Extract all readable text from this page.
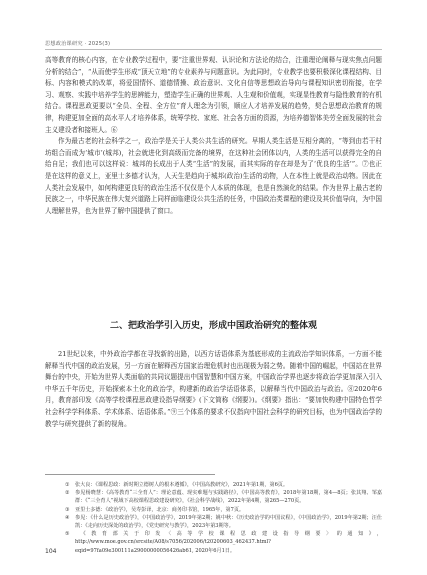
思想政治课研究 · 2025(3)

高等教育的核心内容，在专业教学过程中，要“注重世界观、认识论和方法论的结合，注重理论阐释与现实焦点问题分析的结合”，“从而使学生形成“顶天立地”的专业素养与问题意识。为此同时，专业教学也要积极深化课程结构、目标、内容和模式的改革，将爱国情怀、道德情操、政治意识、文化自信等思想政治导向与课程知识密切衔接，在学习、观察、实践中培养学生的思辨能力，塑造学生正确的世界观、人生观和价值观，实现显性教育与隐性教育的有机结合。课程思政更要以“全员、全程、全方位”育人理念为引领，顺应人才培养发展的趋势，契合思想政治教育的规律，构建更加全面的高水平人才培养体系，统筹学校、家庭、社会各方面的资源，为培养德智体美劳全面发展的社会主义建设者和接班人。⑥

作为最古老的社会科学之一，政治学是关于人类公共生活的研究。早期人类生活是互相分离的，“等到由若干村坊组合而成为‘城市’(城邦)，社会就进化到高级而完备的境界，在这种社会团体以内，人类的生活可以获得完全的自给自足；我们也可以这样说：城邦的长成出于人类“生活”的发展，而其实际的存在却是为了‘优良的生活’”。⑦也正是在这样的意义上，亚里士多德才认为，人天生是趋向于城邦(政治)生活的动物，人在本性上就是政治动物。因此在人类社会发展中，如何构建更良好的政治生活不仅仅是个人本质的体现，也是自然演化的结果。作为世界上最古老的民族之一，中华民族在伟大复兴道路上同样面临建设公共生活的任务，中国政治类课程的建设及其价值导向，为中国人理解世界，也为世界了解中国提供了窗口。

二、把政治学引入历史，形成中国政治研究的整体观

21世纪以来，中外政治学都在寻找新的出路，以西方话语体系为基底形成的主流政治学知识体系，一方面不能解释当代中国的政治发展，另一方面在解释西方国家治理危机时也出现极为弱之势。随着中国的崛起，中国站在世界舞台的中央，开始为世界人类面临的共同议题提出中国智慧和中国方案，中国政治学界也逐步将政治学更加深入引入中华五千年历史，开始探索本土化的政治学，构建新的政治学话语体系，以解释当代中国政治与政治。⑧2020年6月，教育部印发《高等学校课程思政建设指导纲要》(下文简称《纲要》)。《纲要》指出：“要加快构建中国特色哲学社会科学学科体系、学术体系、话语体系。”⑨三个体系的要求不仅指向中国社会科学的研究目标，也为中国政治学的教学与研究提供了新的视角。

① 张大良：《课程思政：新时期立德树人的根本遵循》，《中国高教研究》，2021年第1期，第6页。

② 参见杨晓慧：《高等教育“三全育人”：理论意蕴、现实难题与实践路径》，《中国高等教育》，2018年第18期，第4—8页；张其翔、邹嘉群：《“三全育人”视域下高校课程思政建设研究》，《社会科学战线》，2022年第4期，第265—270页。

③ 亚里士多德：《政治学》，吴寿彭译，北京：商务印书馆，1965年，第7页。

④ 参见：《什么是历史政治学》，《中国政治学》，2019年第2期；姚中秋：《历史政治学的中国议程》，《中国政治学》，2019年第2期；汪仕凯：《走向历史深处的政治学》，《党史研究与教学》，2023年第3期等。

⑤ 《教育部关于印发〈高等学校课程思政建设指导纲要〉的通知》，http://www.moe.gov.cn/srcsite/A08/s7056/202006/t20200603_462437.html?eqid=97fa09e300111a29000000056426ab61, 2020年6月1日。

104
